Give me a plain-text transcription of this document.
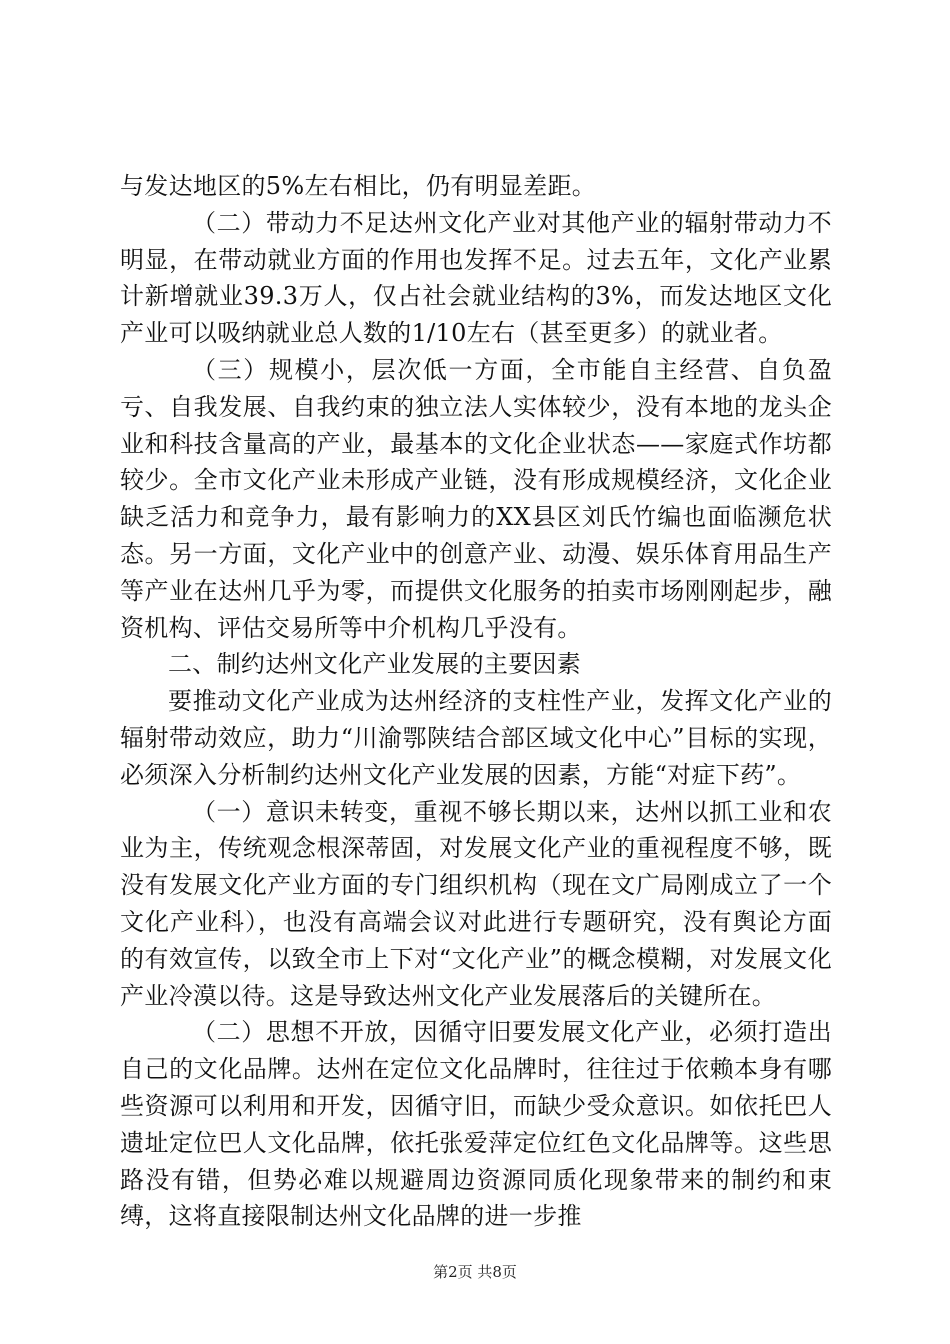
与发达地区的5%左右相比，仍有明显差距。

（二）带动力不足达州文化产业对其他产业的辐射带动力不明显，在带动就业方面的作用也发挥不足。过去五年，文化产业累计新增就业39.3万人，仅占社会就业结构的3%，而发达地区文化产业可以吸纳就业总人数的1/10左右（甚至更多）的就业者。

（三）规模小，层次低一方面，全市能自主经营、自负盈亏、自我发展、自我约束的独立法人实体较少，没有本地的龙头企业和科技含量高的产业，最基本的文化企业状态——家庭式作坊都较少。全市文化产业未形成产业链，没有形成规模经济，文化企业缺乏活力和竞争力，最有影响力的XX县区刘氏竹编也面临濒危状态。另一方面，文化产业中的创意产业、动漫、娱乐体育用品生产等产业在达州几乎为零，而提供文化服务的拍卖市场刚刚起步，融资机构、评估交易所等中介机构几乎没有。

二、制约达州文化产业发展的主要因素

要推动文化产业成为达州经济的支柱性产业，发挥文化产业的辐射带动效应，助力“川渝鄂陕结合部区域文化中心”目标的实现，必须深入分析制约达州文化产业发展的因素，方能“对症下药”。

（一）意识未转变，重视不够长期以来，达州以抓工业和农业为主，传统观念根深蒂固，对发展文化产业的重视程度不够，既没有发展文化产业方面的专门组织机构（现在文广局刚成立了一个文化产业科），也没有高端会议对此进行专题研究，没有舆论方面的有效宣传，以致全市上下对“文化产业”的概念模糊，对发展文化产业冷漠以待。这是导致达州文化产业发展落后的关键所在。

（二）思想不开放，因循守旧要发展文化产业，必须打造出自己的文化品牌。达州在定位文化品牌时，往往过于依赖本身有哪些资源可以利用和开发，因循守旧，而缺少受众意识。如依托巴人遗址定位巴人文化品牌，依托张爱萍定位红色文化品牌等。这些思路没有错，但势必难以规避周边资源同质化现象带来的制约和束缚，这将直接限制达州文化品牌的进一步推

第2页 共8页
